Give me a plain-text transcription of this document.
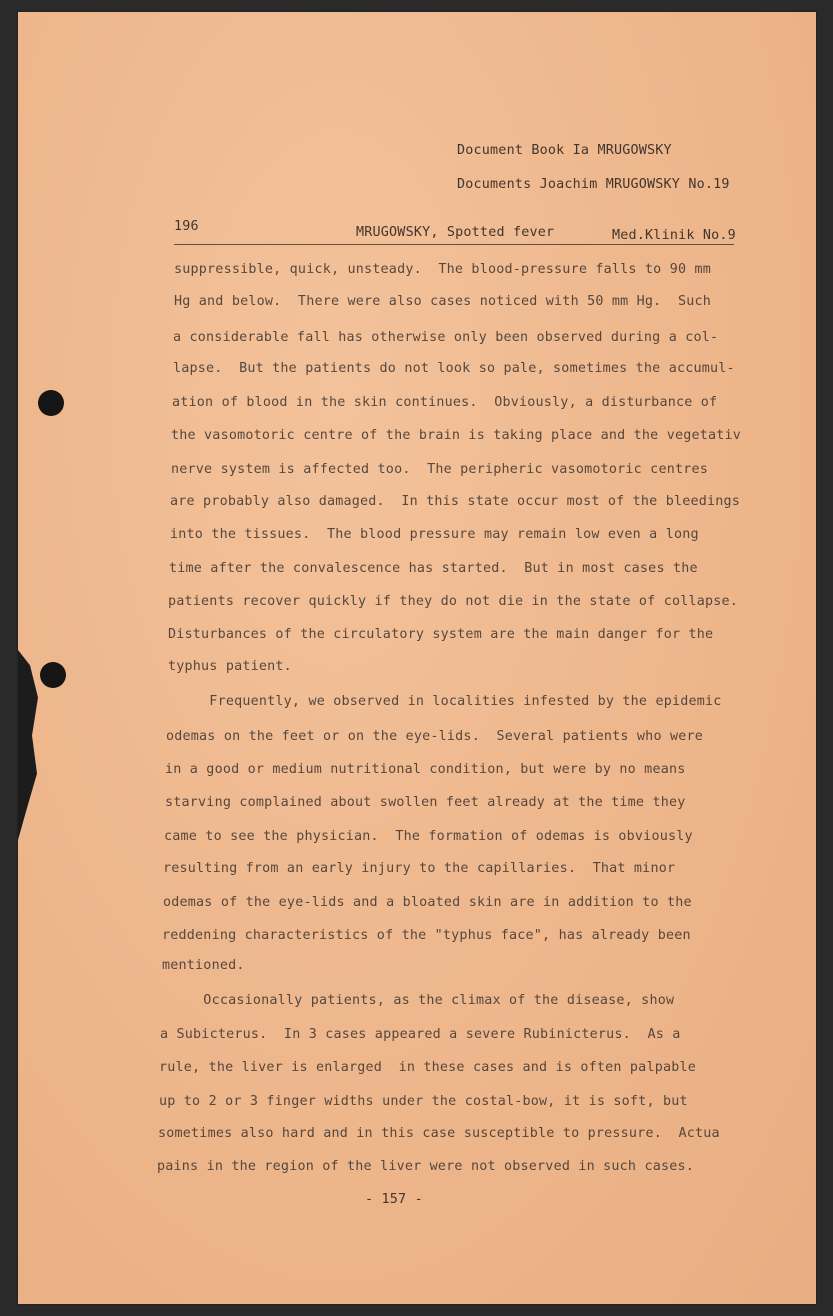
Document Book Ia MRUGOWSKY
Documents Joachim MRUGOWSKY No.19
196	MRUGOWSKY, Spotted fever	Med.Klinik No.9
suppressible, quick, unsteady.  The blood-pressure falls to 90 mm
Hg and below.  There were also cases noticed with 50 mm Hg.  Such
a considerable fall has otherwise only been observed during a col-
lapse.  But the patients do not look so pale, sometimes the accumul-
ation of blood in the skin continues.  Obviously, a disturbance of
the vasomotoric centre of the brain is taking place and the vegetativ
nerve system is affected too.  The peripheric vasomotoric centres
are probably also damaged.  In this state occur most of the bleedings
into the tissues.  The blood pressure may remain low even a long
time after the convalescence has started.  But in most cases the
patients recover quickly if they do not die in the state of collapse.
Disturbances of the circulatory system are the main danger for the
typhus patient.
Frequently, we observed in localities infested by the epidemic
odemas on the feet or on the eye-lids.  Several patients who were
in a good or medium nutritional condition, but were by no means
starving complained about swollen feet already at the time they
came to see the physician.  The formation of odemas is obviously
resulting from an early injury to the capillaries.  That minor
odemas of the eye-lids and a bloated skin are in addition to the
reddening characteristics of the "typhus face", has already been
mentioned.
Occasionally patients, as the climax of the disease, show
a Subicterus.  In 3 cases appeared a severe Rubinicterus.  As a
rule, the liver is enlarged  in these cases and is often palpable
up to 2 or 3 finger widths under the costal-bow, it is soft, but
sometimes also hard and in this case susceptible to pressure.  Actua
pains in the region of the liver were not observed in such cases.
- 157 -
